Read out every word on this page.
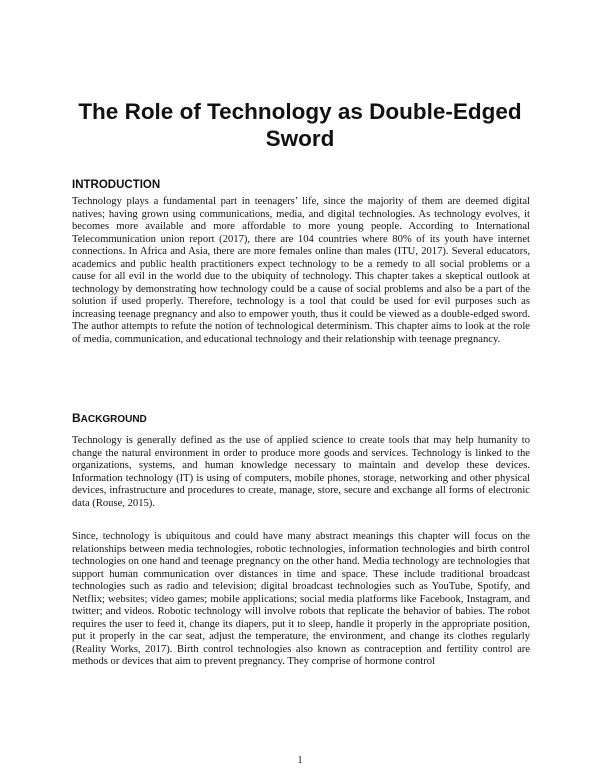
The Role of Technology as Double-Edged Sword
INTRODUCTION

Technology plays a fundamental part in teenagers’ life, since the majority of them are deemed digital natives; having grown using communications, media, and digital technologies. As technology evolves, it becomes more available and more affordable to more young people. According to International Telecommunication union report (2017), there are 104 countries where 80% of its youth have internet connections. In Africa and Asia, there are more females online than males (ITU, 2017). Several educators, academics and public health practitioners expect technology to be a remedy to all social problems or a cause for all evil in the world due to the ubiquity of technology. This chapter takes a skeptical outlook at technology by demonstrating how technology could be a cause of social problems and also be a part of the solution if used properly. Therefore, technology is a tool that could be used for evil purposes such as increasing teenage pregnancy and also to empower youth, thus it could be viewed as a double-edged sword. The author attempts to refute the notion of technological determinism. This chapter aims to look at the role of media, communication, and educational technology and their relationship with teenage pregnancy.

BACKGROUND

Technology is generally defined as the use of applied science to create tools that may help humanity to change the natural environment in order to produce more goods and services. Technology is linked to the organizations, systems, and human knowledge necessary to maintain and develop these devices. Information technology (IT) is using of computers, mobile phones, storage, networking and other physical devices, infrastructure and procedures to create, manage, store, secure and exchange all forms of electronic data (Rouse, 2015).

Since, technology is ubiquitous and could have many abstract meanings this chapter will focus on the relationships between media technologies, robotic technologies, information technologies and birth control technologies on one hand and teenage pregnancy on the other hand. Media technology are technologies that support human communication over distances in time and space. These include traditional broadcast technologies such as radio and television; digital broadcast technologies such as YouTube, Spotify, and Netflix; websites; video games; mobile applications; social media platforms like Facebook, Instagram, and twitter; and videos. Robotic technology will involve robots that replicate the behavior of babies. The robot requires the user to feed it, change its diapers, put it to sleep, handle it properly in the appropriate position, put it properly in the car seat, adjust the temperature, the environment, and change its clothes regularly (Reality Works, 2017). Birth control technologies also known as contraception and fertility control are methods or devices that aim to prevent pregnancy. They comprise of hormone control

1
